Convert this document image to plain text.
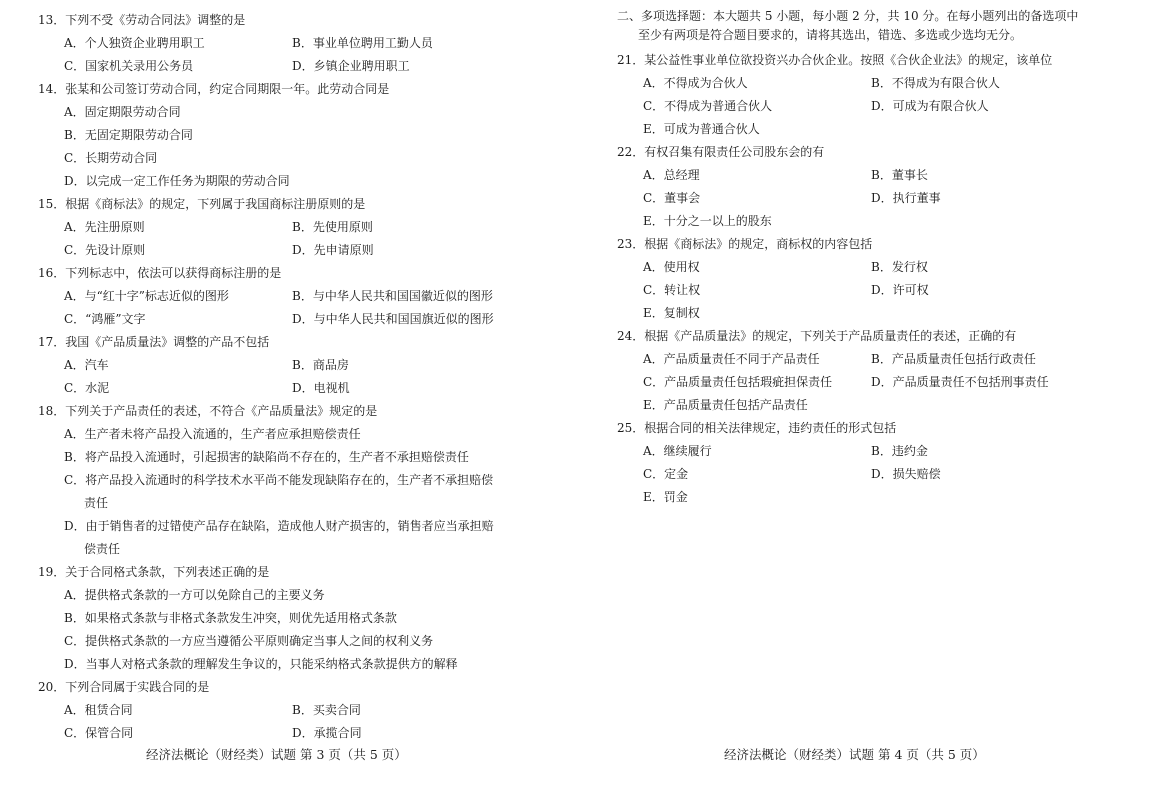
13．下列不受《劳动合同法》调整的是
A．个人独资企业聘用职工	B．事业单位聘用工勤人员
C．国家机关录用公务员	D．乡镇企业聘用职工
14．张某和公司签订劳动合同，约定合同期限一年。此劳动合同是
A．固定期限劳动合同
B．无固定期限劳动合同
C．长期劳动合同
D．以完成一定工作任务为期限的劳动合同
15．根据《商标法》的规定，下列属于我国商标注册原则的是
A．先注册原则	B．先使用原则
C．先设计原则	D．先申请原则
16．下列标志中，依法可以获得商标注册的是
A．与“红十字”标志近似的图形	B．与中华人民共和国国徽近似的图形
C．“鸿雁”文字	D．与中华人民共和国国旗近似的图形
17．我国《产品质量法》调整的产品不包括
A．汽车	B．商品房
C．水泥	D．电视机
18．下列关于产品责任的表述，不符合《产品质量法》规定的是
A．生产者未将产品投入流通的，生产者应承担赔偿责任
B．将产品投入流通时，引起损害的缺陷尚不存在的，生产者不承担赔偿责任
C．将产品投入流通时的科学技术水平尚不能发现缺陷存在的，生产者不承担赔偿
责任
D．由于销售者的过错使产品存在缺陷，造成他人财产损害的，销售者应当承担赔
偿责任
19．关于合同格式条款，下列表述正确的是
A．提供格式条款的一方可以免除自己的主要义务
B．如果格式条款与非格式条款发生冲突，则优先适用格式条款
C．提供格式条款的一方应当遵循公平原则确定当事人之间的权利义务
D．当事人对格式条款的理解发生争议的，只能采纳格式条款提供方的解释
20．下列合同属于实践合同的是
A．租赁合同	B．买卖合同
C．保管合同	D．承揽合同
经济法概论（财经类）试题 第 3 页（共 5 页）
二、多项选择题：本大题共 5 小题，每小题 2 分，共 10 分。在每小题列出的备选项中
至少有两项是符合题目要求的，请将其选出，错选、多选或少选均无分。
21．某公益性事业单位欲投资兴办合伙企业。按照《合伙企业法》的规定，该单位
A．不得成为合伙人	B．不得成为有限合伙人
C．不得成为普通合伙人	D．可成为有限合伙人
E．可成为普通合伙人
22．有权召集有限责任公司股东会的有
A．总经理	B．董事长
C．董事会	D．执行董事
E．十分之一以上的股东
23．根据《商标法》的规定，商标权的内容包括
A．使用权	B．发行权
C．转让权	D．许可权
E．复制权
24．根据《产品质量法》的规定，下列关于产品质量责任的表述，正确的有
A．产品质量责任不同于产品责任	B．产品质量责任包括行政责任
C．产品质量责任包括瑕疵担保责任	D．产品质量责任不包括刑事责任
E．产品质量责任包括产品责任
25．根据合同的相关法律规定，违约责任的形式包括
A．继续履行	B．违约金
C．定金	D．损失赔偿
E．罚金
经济法概论（财经类）试题 第 4 页（共 5 页）
